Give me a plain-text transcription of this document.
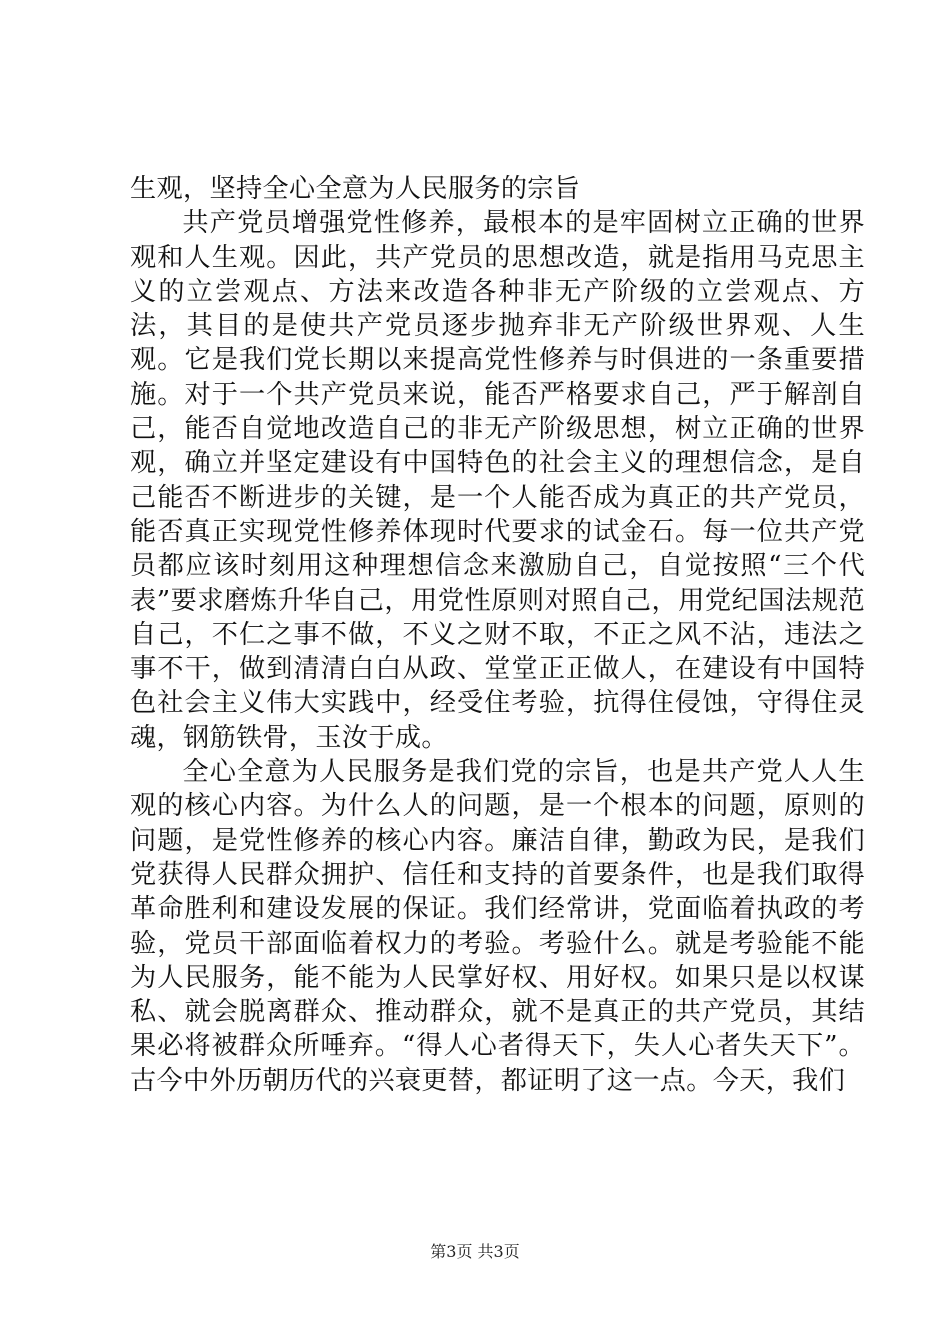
生观，坚持全心全意为人民服务的宗旨

共产党员增强党性修养，最根本的是牢固树立正确的世界观和人生观。因此，共产党员的思想改造，就是指用马克思主义的立尝观点、方法来改造各种非无产阶级的立尝观点、方法，其目的是使共产党员逐步抛弃非无产阶级世界观、人生观。它是我们党长期以来提高党性修养与时俱进的一条重要措施。对于一个共产党员来说，能否严格要求自己，严于解剖自己，能否自觉地改造自己的非无产阶级思想，树立正确的世界观，确立并坚定建设有中国特色的社会主义的理想信念，是自己能否不断进步的关键，是一个人能否成为真正的共产党员，能否真正实现党性修养体现时代要求的试金石。每一位共产党员都应该时刻用这种理想信念来激励自己，自觉按照“三个代表”要求磨炼升华自己，用党性原则对照自己，用党纪国法规范自己，不仁之事不做，不义之财不取，不正之风不沾，违法之事不干，做到清清白白从政、堂堂正正做人，在建设有中国特色社会主义伟大实践中，经受住考验，抗得住侵蚀，守得住灵魂，钢筋铁骨，玉汝于成。

全心全意为人民服务是我们党的宗旨，也是共产党人人生观的核心内容。为什么人的问题，是一个根本的问题，原则的问题，是党性修养的核心内容。廉洁自律，勤政为民，是我们党获得人民群众拥护、信任和支持的首要条件，也是我们取得革命胜利和建设发展的保证。我们经常讲，党面临着执政的考验，党员干部面临着权力的考验。考验什么。就是考验能不能为人民服务，能不能为人民掌好权、用好权。如果只是以权谋私、就会脱离群众、推动群众，就不是真正的共产党员，其结果必将被群众所唾弃。“得人心者得天下，失人心者失天下”。古今中外历朝历代的兴衰更替，都证明了这一点。今天，我们

第3页 共3页
